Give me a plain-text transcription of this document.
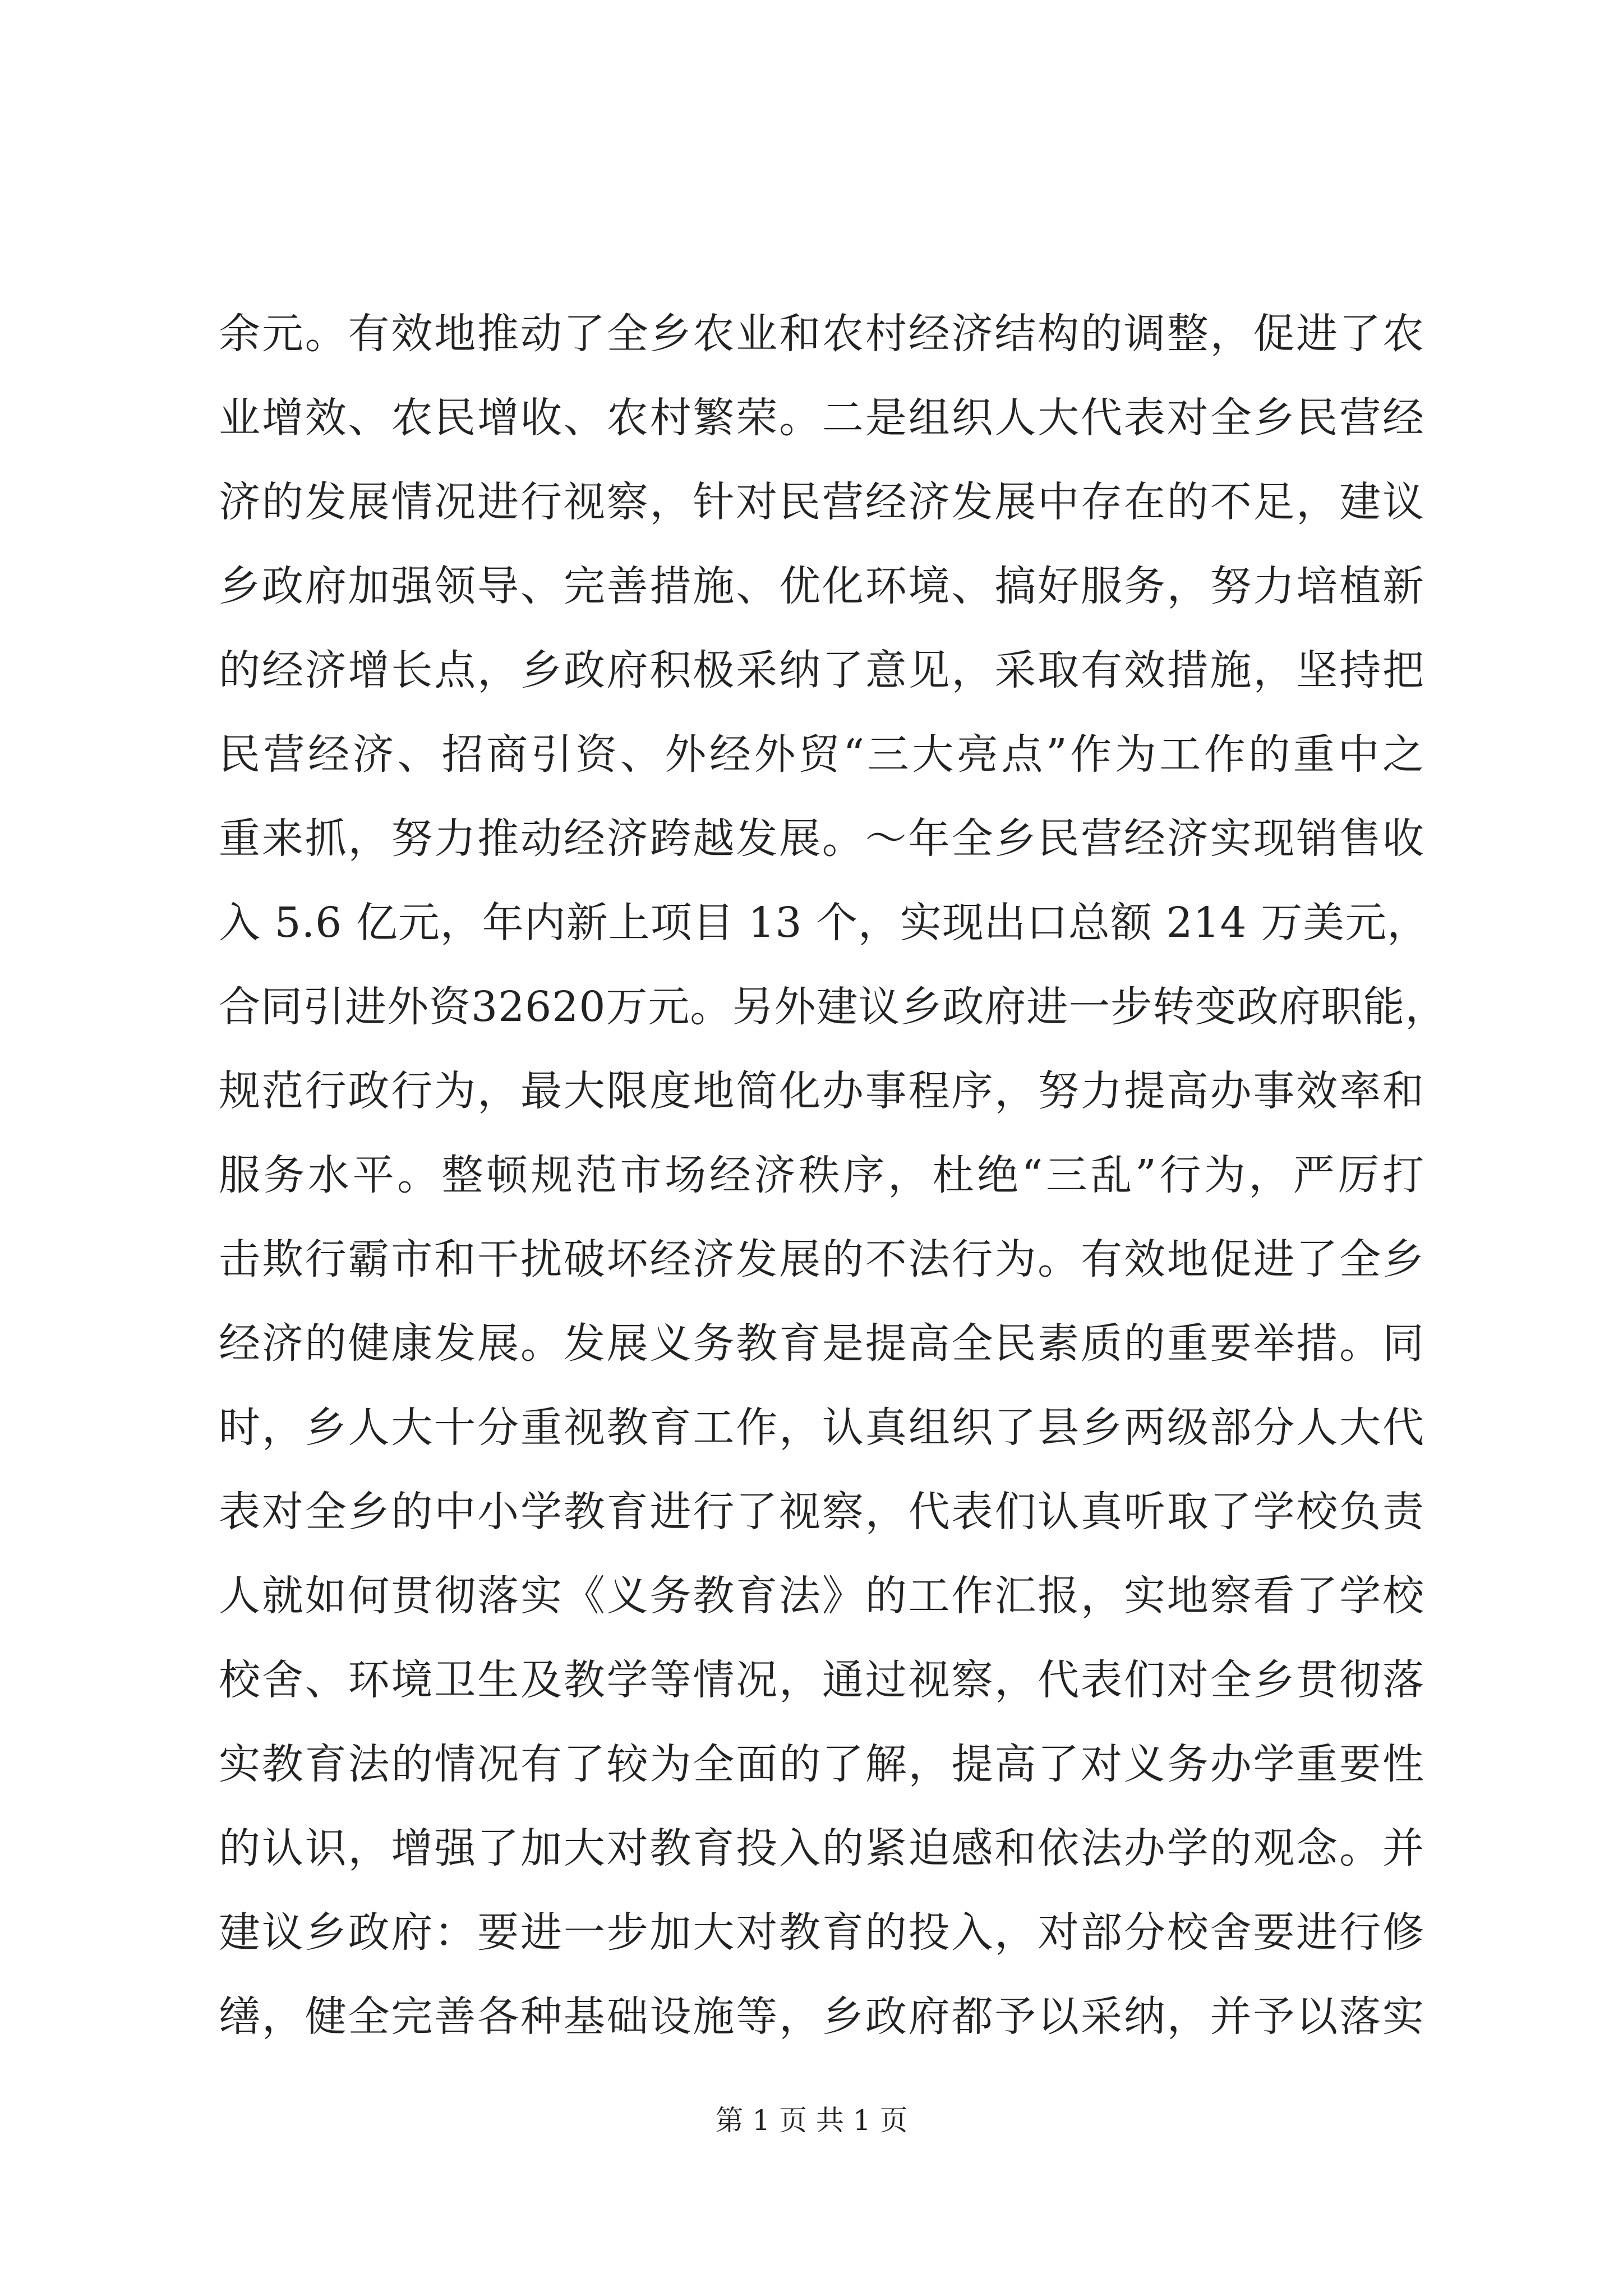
余元。有效地推动了全乡农业和农村经济结构的调整，促进了农
业增效、农民增收、农村繁荣。二是组织人大代表对全乡民营经
济的发展情况进行视察，针对民营经济发展中存在的不足，建议
乡政府加强领导、完善措施、优化环境、搞好服务，努力培植新
的经济增长点，乡政府积极采纳了意见，采取有效措施，坚持把
民营经济、招商引资、外经外贸“三大亮点”作为工作的重中之
重来抓，努力推动经济跨越发展。～年全乡民营经济实现销售收
入 5.6 亿元，年内新上项目 13 个，实现出口总额 214 万美元，
合同引进外资32620万元。另外建议乡政府进一步转变政府职能，
规范行政行为，最大限度地简化办事程序，努力提高办事效率和
服务水平。整顿规范市场经济秩序，杜绝“三乱”行为，严厉打
击欺行霸市和干扰破坏经济发展的不法行为。有效地促进了全乡
经济的健康发展。发展义务教育是提高全民素质的重要举措。同
时，乡人大十分重视教育工作，认真组织了县乡两级部分人大代
表对全乡的中小学教育进行了视察，代表们认真听取了学校负责
人就如何贯彻落实《义务教育法》的工作汇报，实地察看了学校
校舍、环境卫生及教学等情况，通过视察，代表们对全乡贯彻落
实教育法的情况有了较为全面的了解，提高了对义务办学重要性
的认识，增强了加大对教育投入的紧迫感和依法办学的观念。并
建议乡政府：要进一步加大对教育的投入，对部分校舍要进行修
缮，健全完善各种基础设施等，乡政府都予以采纳，并予以落实
第 1 页 共 1 页
